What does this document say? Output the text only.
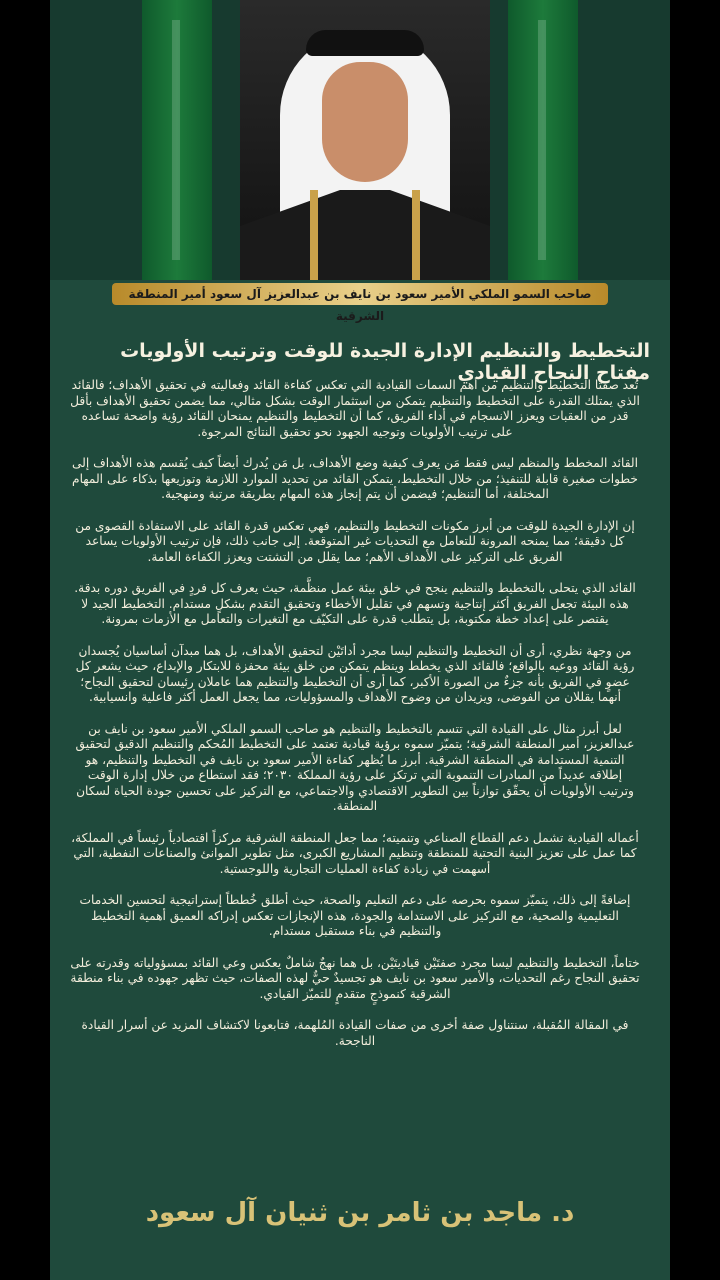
صاحب السمو الملكي الأمير سعود بن نايف بن عبدالعزيز آل سعود أمير المنطقة الشرقية
التخطيط والتنظيم الإدارة الجيدة للوقت وترتيب الأولويات مفتاح النجاح القيادي

تُعد صفتا التخطيط والتنظيم من أهم السمات القيادية التي تعكس كفاءة القائد وفعاليته في تحقيق الأهداف؛ فالقائد الذي يمتلك القدرة على التخطيط والتنظيم يتمكن من استثمار الوقت بشكل مثالي، مما يضمن تحقيق الأهداف بأقل قدر من العقبات ويعزز الانسجام في أداء الفريق، كما أن التخطيط والتنظيم يمنحان القائد رؤية واضحة تساعده على ترتيب الأولويات وتوجيه الجهود نحو تحقيق النتائج المرجوة.

القائد المخطط والمنظم ليس فقط مَن يعرف كيفية وضع الأهداف، بل مَن يُدرك أيضاً كيف يُقسم هذه الأهداف إلى خطوات صغيرة قابلة للتنفيذ؛ من خلال التخطيط، يتمكن القائد من تحديد الموارد اللازمة وتوزيعها بذكاء على المهام المختلفة، أما التنظيم؛ فيضمن أن يتم إنجاز هذه المهام بطريقة مرتبة ومنهجية.

إن الإدارة الجيدة للوقت من أبرز مكونات التخطيط والتنظيم، فهي تعكس قدرة القائد على الاستفادة القصوى من كل دقيقة؛ مما يمنحه المرونة للتعامل مع التحديات غير المتوقعة. إلى جانب ذلك، فإن ترتيب الأولويات يساعد الفريق على التركيز على الأهداف الأهم؛ مما يقلل من التشتت ويعزز الكفاءة العامة.

القائد الذي يتحلى بالتخطيط والتنظيم ينجح في خلق بيئة عمل منظَّمة، حيث يعرف كل فردٍ في الفريق دوره بدقة. هذه البيئة تجعل الفريق أكثر إنتاجية وتسهم في تقليل الأخطاء وتحقيق التقدم بشكلٍ مستدام. التخطيط الجيد لا يقتصر على إعداد خطة مكتوبة، بل يتطلب قدرة على التكيّف مع التغيرات والتعامل مع الأزمات بمرونة.

من وجهة نظري، أرى أن التخطيط والتنظيم ليسا مجرد أداتَيْن لتحقيق الأهداف، بل هما مبدآن أساسيان يُجسدان رؤية القائد ووعيه بالواقع؛ فالقائد الذي يخطط وينظم يتمكن من خلق بيئة محفزة للابتكار والإبداع، حيث يشعر كل عضوٍ في الفريق بأنه جزءٌ من الصورة الأكبر، كما أرى أن التخطيط والتنظيم هما عاملان رئيسان لتحقيق النجاح؛ أنهما يقللان من الفوضى، ويزيدان من وضوح الأهداف والمسؤوليات، مما يجعل العمل أكثر فاعلية وانسيابية.

لعل أبرز مثال على القيادة التي تتسم بالتخطيط والتنظيم هو صاحب السمو الملكي الأمير سعود بن نايف بن عبدالعزيز، أمير المنطقة الشرقية؛ يتميّز سموه برؤية قيادية تعتمد على التخطيط المُحكم والتنظيم الدقيق لتحقيق التنمية المستدامة في المنطقة الشرقية. أبرز ما يُظهر كفاءة الأمير سعود بن نايف في التخطيط والتنظيم، هو إطلاقه عديداً من المبادرات التنموية التي ترتكز على رؤية المملكة ٢٠٣٠؛ فقد استطاع من خلال إدارة الوقت وترتيب الأولويات أن يحقّق توازناً بين التطوير الاقتصادي والاجتماعي، مع التركيز على تحسين جودة الحياة لسكان المنطقة.

أعماله القيادية تشمل دعم القطاع الصناعي وتنميته؛ مما جعل المنطقة الشرقية مركزاً اقتصادياً رئيساً في المملكة، كما عمل على تعزيز البنية التحتية للمنطقة وتنظيم المشاريع الكبرى، مثل تطوير الموانئ والصناعات النفطية، التي أسهمت في زيادة كفاءة العمليات التجارية واللوجستية.

إضافةً إلى ذلك، يتميّز سموه بحرصه على دعم التعليم والصحة، حيث أطلق خُططاً إستراتيجية لتحسين الخدمات التعليمية والصحية، مع التركيز على الاستدامة والجودة، هذه الإنجازات تعكس إدراكه العميق أهمية التخطيط والتنظيم في بناء مستقبل مستدام.

ختاماً، التخطيط والتنظيم ليسا مجرد صفتَيْن قياديتَيْن، بل هما نهجٌ شاملٌ يعكس وعي القائد بمسؤولياته وقدرته على تحقيق النجاح رغم التحديات، والأمير سعود بن نايف هو تجسيدٌ حيٌّ لهذه الصفات، حيث تظهر جهوده في بناء منطقة الشرقية كنموذجٍ متقدمٍ للتميّز القيادي.

في المقالة المُقبلة، سنتناول صفة أخرى من صفات القيادة المُلهمة، فتابعونا لاكتشاف المزيد عن أسرار القيادة الناجحة.

د. ماجد بن ثامر بن ثنيان آل سعود
